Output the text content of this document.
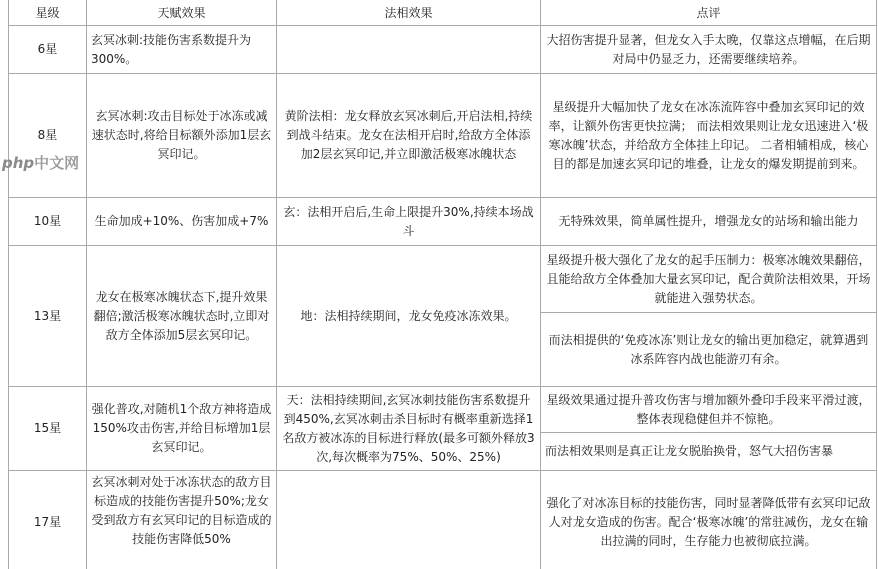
星级	天赋效果	法相效果	点评
6星	玄冥冰刺:技能伤害系数提升为300%。		大招伤害提升显著，但龙女入手太晚，仅靠这点增幅，在后期对局中仍显乏力，还需要继续培养。
8星	玄冥冰刺:攻击目标处于冰冻或减速状态时,将给目标额外添加1层玄冥印记。	黄阶法相：龙女释放玄冥冰刺后,开启法相,持续到战斗结束。龙女在法相开启时,给敌方全体添加2层玄冥印记,并立即激活极寒冰魄状态	星级提升大幅加快了龙女在冰冻流阵容中叠加玄冥印记的效率，让额外伤害更快拉满； 而法相效果则让龙女迅速进入‘极寒冰魄’状态，并给敌方全体挂上印记。 二者相辅相成，核心目的都是加速玄冥印记的堆叠，让龙女的爆发期提前到来。
10星	生命加成+10%、伤害加成+7%	玄：法相开启后,生命上限提升30%,持续本场战斗	无特殊效果，简单属性提升，增强龙女的站场和输出能力
13星	龙女在极寒冰魄状态下,提升效果翻倍;激活极寒冰魄状态时,立即对敌方全体添加5层玄冥印记。	地：法相持续期间，龙女免疫冰冻效果。	星级提升极大强化了龙女的起手压制力：极寒冰魄效果翻倍，且能给敌方全体叠加大量玄冥印记，配合黄阶法相效果，开场就能进入强势状态。
			而法相提供的‘免疫冰冻’则让龙女的输出更加稳定，就算遇到冰系阵容内战也能游刃有余。
15星	强化普攻,对随机1个敌方神将造成150%攻击伤害,并给目标增加1层玄冥印记。	天：法相持续期间,玄冥冰刺技能伤害系数提升到450%,玄冥冰刺击杀目标时有概率重新选择1名敌方被冰冻的目标进行释放(最多可额外释放3次,每次概率为75%、50%、25%)	星级效果通过提升普攻伤害与增加额外叠印手段来平滑过渡，整体表现稳健但并不惊艳。
			而法相效果则是真正让龙女脱胎换骨，怒气大招伤害暴
17星	玄冥冰刺对处于冰冻状态的敌方目标造成的技能伤害提升50%;龙女受到敌方有玄冥印记的目标造成的技能伤害降低50%		强化了对冰冻目标的技能伤害，同时显著降低带有玄冥印记敌人对龙女造成的伤害。配合‘极寒冰魄’的常驻减伤，龙女在输出拉满的同时，生存能力也被彻底拉满。
php中文网
